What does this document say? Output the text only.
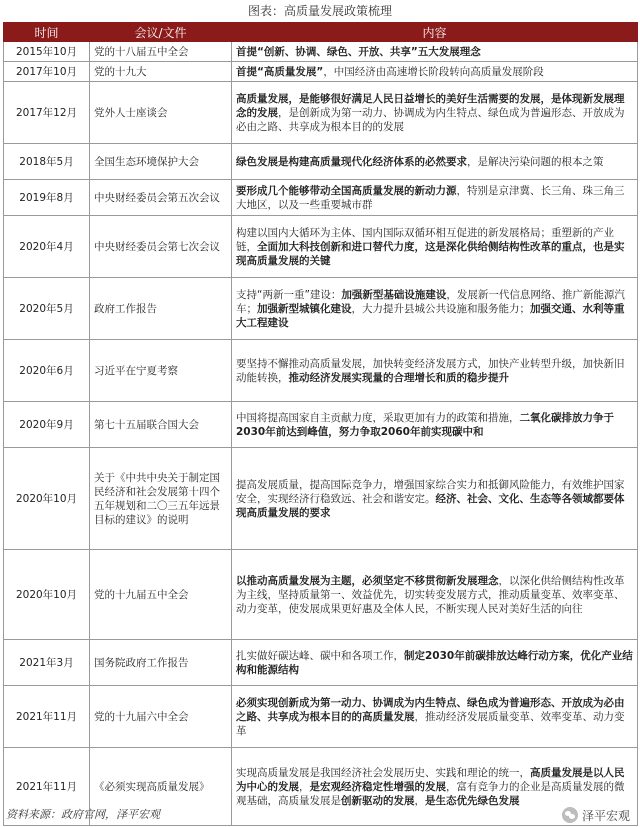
图表：高质量发展政策梳理
时间	会议/文件	内容
2015年10月	党的十八届五中全会	首提“创新、协调、绿色、开放、共享”五大发展理念
2017年10月	党的十九大	首提“高质量发展”，中国经济由高速增长阶段转向高质量发展阶段
2017年12月	党外人士座谈会	高质量发展，是能够很好满足人民日益增长的美好生活需要的发展，是体现新发展理念的发展，是创新成为第一动力、协调成为内生特点、绿色成为普遍形态、开放成为必由之路、共享成为根本目的的发展
2018年5月	全国生态环境保护大会	绿色发展是构建高质量现代化经济体系的必然要求，是解决污染问题的根本之策
2019年8月	中央财经委员会第五次会议	要形成几个能够带动全国高质量发展的新动力源，特别是京津冀、长三角、珠三角三大地区，以及一些重要城市群
2020年4月	中央财经委员会第七次会议	构建以国内大循环为主体、国内国际双循环相互促进的新发展格局；重塑新的产业链，全面加大科技创新和进口替代力度，这是深化供给侧结构性改革的重点，也是实现高质量发展的关键
2020年5月	政府工作报告	支持“两新一重”建设：加强新型基础设施建设，发展新一代信息网络、推广新能源汽车；加强新型城镇化建设，大力提升县城公共设施和服务能力；加强交通、水利等重大工程建设
2020年6月	习近平在宁夏考察	要坚持不懈推动高质量发展，加快转变经济发展方式，加快产业转型升级，加快新旧动能转换，推动经济发展实现量的合理增长和质的稳步提升
2020年9月	第七十五届联合国大会	中国将提高国家自主贡献力度，采取更加有力的政策和措施，二氧化碳排放力争于2030年前达到峰值，努力争取2060年前实现碳中和
2020年10月	关于《中共中央关于制定国民经济和社会发展第十四个五年规划和二〇三五年远景目标的建议》的说明	提高发展质量，提高国际竞争力，增强国家综合实力和抵御风险能力，有效维护国家安全，实现经济行稳致远、社会和谐安定。经济、社会、文化、生态等各领域都要体现高质量发展的要求
2020年10月	党的十九届五中全会	以推动高质量发展为主题，必须坚定不移贯彻新发展理念，以深化供给侧结构性改革为主线，坚持质量第一、效益优先，切实转变发展方式，推动质量变革、效率变革、动力变革，使发展成果更好惠及全体人民，不断实现人民对美好生活的向往
2021年3月	国务院政府工作报告	扎实做好碳达峰、碳中和各项工作，制定2030年前碳排放达峰行动方案，优化产业结构和能源结构
2021年11月	党的十九届六中全会	必须实现创新成为第一动力、协调成为内生特点、绿色成为普遍形态、开放成为必由之路、共享成为根本目的的高质量发展，推动经济发展质量变革、效率变革、动力变革
2021年11月	《必须实现高质量发展》	实现高质量发展是我国经济社会发展历史、实践和理论的统一，高质量发展是以人民为中心的发展，是宏观经济稳定性增强的发展，富有竞争力的企业是高质量发展的微观基础，高质量发展是创新驱动的发展，是生态优先绿色发展
资料来源：政府官网，泽平宏观	泽平宏观
